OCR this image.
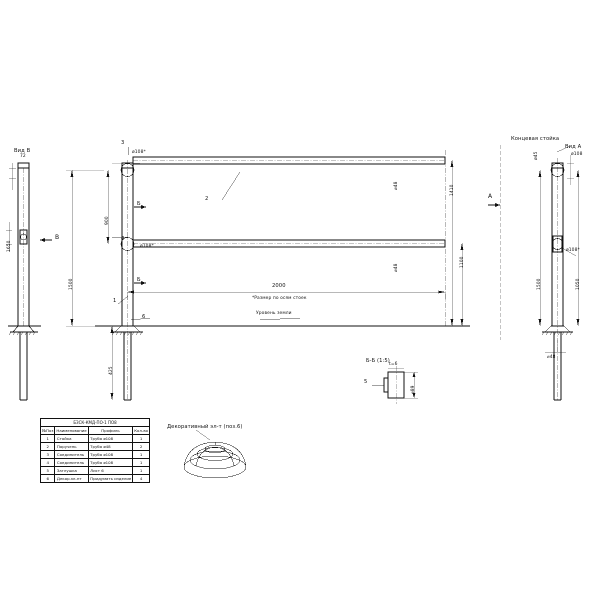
Вид В
72
1650
В
3
ø108*
4
ø108*
2
1
6
Б
Б
900
1500
425
⌀48
⌀48
2000
*Размер по осям стоек
Уровень земли
1410
1100
Концевая стойка
Вид А
А
ø45	ø108
1500	1050
ø108*
⌀48
Б-Б (1:5)
5
t=6
⌀89
Декоративный эл-т (поз.6)
БЗСК-КМД-ПО-1 ПО8			
№Поз	Наименование	Профиль	Кол-во
1	Стойка	Труба ⌀108	1
2	Поручень	Труба ⌀48	2
3	Соединитель	Труба ⌀108	1
4	Соединитель	Труба ⌀108	1
5	Заглушка	Лист 6	1
6	Декор.эл-нт	Придумать изделие	4
